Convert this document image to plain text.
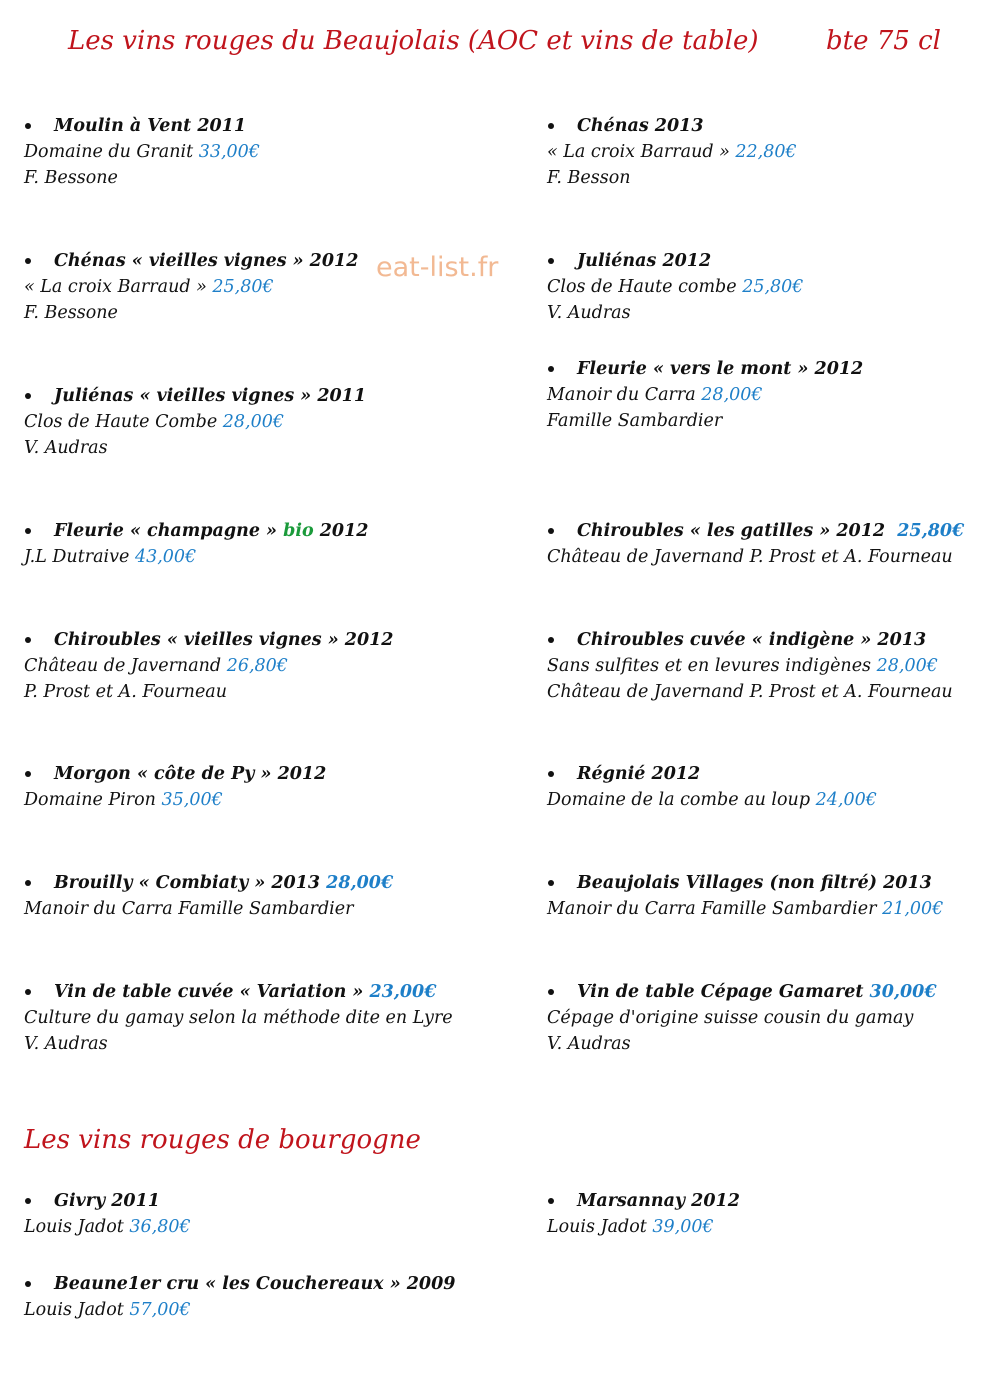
Les vins rouges du Beaujolais (AOC et vins de table)	bte 75 cl
eat-list.fr
Moulin à Vent 2011
Domaine du Granit 33,00€
F. Bessone
Chénas « vieilles vignes » 2012
« La croix Barraud » 25,80€
F. Bessone
Juliénas « vieilles vignes » 2011
Clos de Haute Combe 28,00€
V. Audras
Fleurie « champagne » bio 2012
J.L Dutraive 43,00€
Chiroubles « vieilles vignes » 2012
Château de Javernand 26,80€
P. Prost et A. Fourneau
Morgon « côte de Py » 2012
Domaine Piron 35,00€
Brouilly « Combiaty » 2013 28,00€
Manoir du Carra Famille Sambardier
Vin de table cuvée « Variation » 23,00€
Culture du gamay selon la méthode dite en Lyre
V. Audras
Chénas 2013
« La croix Barraud » 22,80€
F. Besson
Juliénas 2012
Clos de Haute combe 25,80€
V. Audras
Fleurie « vers le mont » 2012
Manoir du Carra 28,00€
Famille Sambardier
Chiroubles « les gatilles » 2012 25,80€
Château de Javernand P. Prost et A. Fourneau
Chiroubles cuvée « indigène » 2013
Sans sulfites et en levures indigènes 28,00€
Château de Javernand P. Prost et A. Fourneau
Régnié 2012
Domaine de la combe au loup 24,00€
Beaujolais Villages (non filtré) 2013
Manoir du Carra Famille Sambardier 21,00€
Vin de table Cépage Gamaret 30,00€
Cépage d'origine suisse cousin du gamay
V. Audras
Les vins rouges de bourgogne
Givry 2011
Louis Jadot 36,80€
Beaune1er cru « les Couchereaux » 2009
Louis Jadot 57,00€
Marsannay 2012
Louis Jadot 39,00€
